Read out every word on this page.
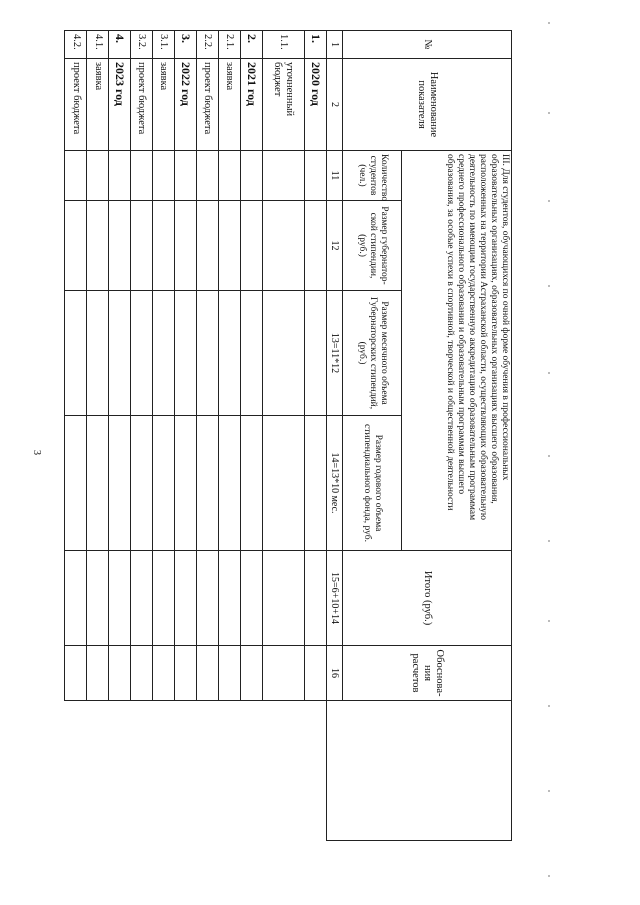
3
№	Наименование показателя	III. Для студентов, обучающихся по очной форме обучения в профессиональных образовательных организациях, образовательных организациях высшего образования, расположенных на территории Астраханской области, осуществляющих образовательную деятельность по имеющим государственную аккредитацию образовательным программам среднего профессионального образования и образовательным программам высшего образования, за особые успехи в спортивной, творческой и общественной деятельности				Итого (руб.)	Обоснова-ния расчетов	
		Количество студентов (чел.)	Размер губернатор-ской стипендии, (руб.)	Размер месячного объема Губернаторских стипендий, (руб.)	Размер годового объема стипендиального фонда, руб.			
1	2	11	12	13=11*12	14=13*10 мес.	15=6+10+14	16	
1.	2020 год							
1.1.	уточненный бюджет							
2.	2021 год							
2.1.	заявка							
2.2.	проект бюджета							
3.	2022 год							
3.1.	заявка							
3.2.	проект бюджета							
4.	2023 год							
4.1.	заявка							
4.2.	проект бюджета							
